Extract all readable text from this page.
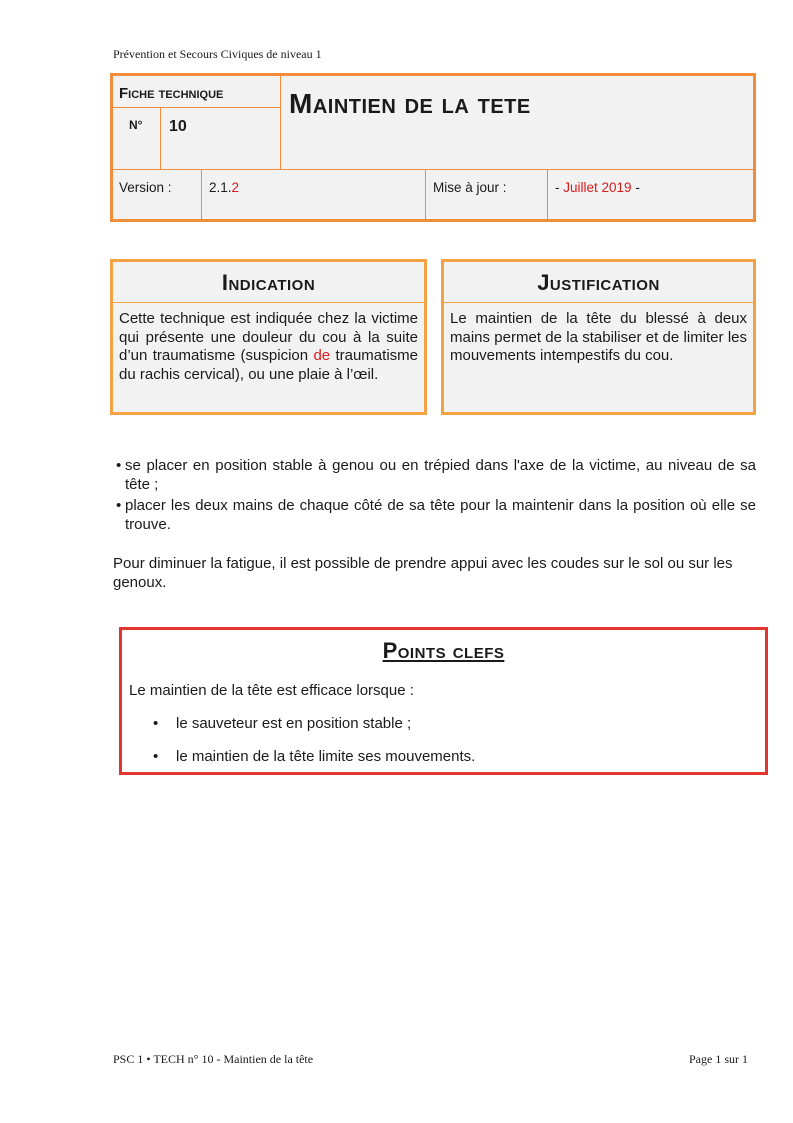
Prévention et Secours Civiques de niveau 1
Fiche technique
N° 10
Maintien de la tete
Version :	2.1.2	Mise à jour :	- Juillet 2019 -
Indication
Cette technique est indiquée chez la victime qui présente une douleur du cou à la suite d’un traumatisme (suspicion de traumatisme du rachis cervical), ou une plaie à l’œil.
Justification
Le maintien de la tête du blessé à deux mains permet de la stabiliser et de limiter les mouvements intempestifs du cou.
• se placer en position stable à genou ou en trépied dans l'axe de la victime, au niveau de sa tête ;
• placer les deux mains de chaque côté de sa tête pour la maintenir dans la position où elle se trouve.
Pour diminuer la fatigue, il est possible de prendre appui avec les coudes sur le sol ou sur les genoux.
Points clefs
Le maintien de la tête est efficace lorsque :
• le sauveteur est en position stable ;
• le maintien de la tête limite ses mouvements.
PSC 1 • TECH n° 10 - Maintien de la tête	Page 1 sur 1
